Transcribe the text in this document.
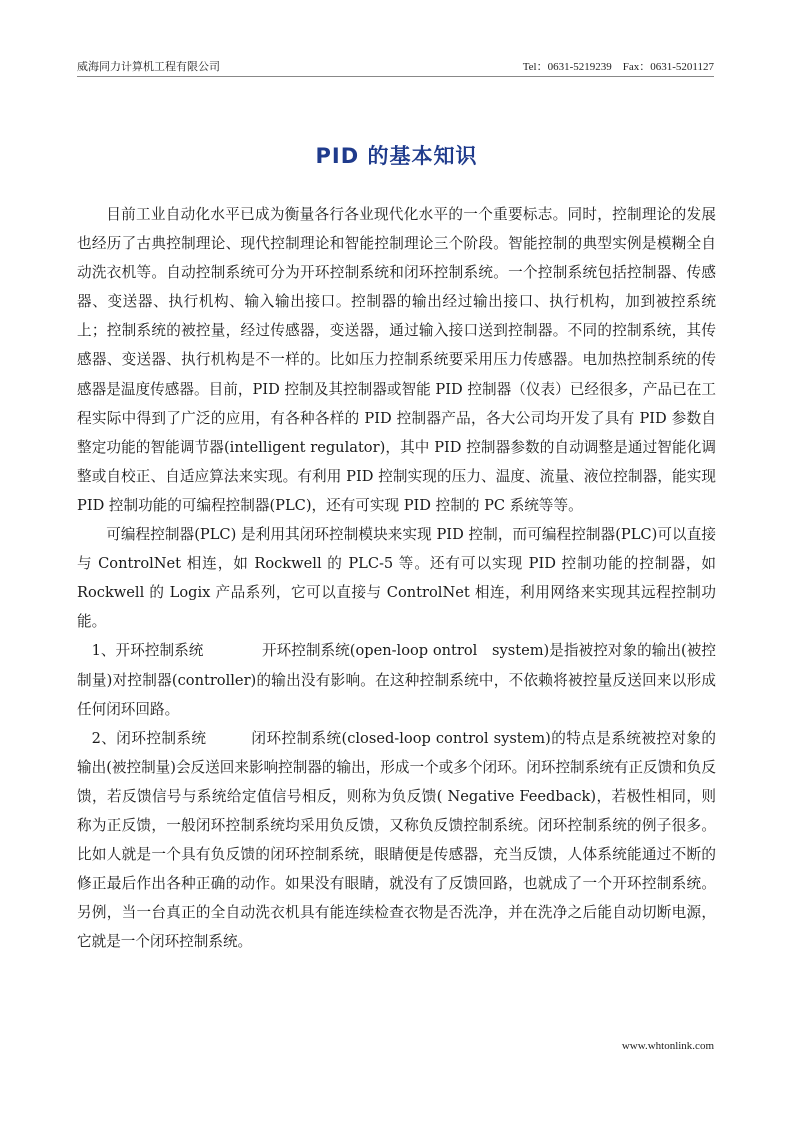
威海同力计算机工程有限公司	Tel：0631-5219239　Fax：0631-5201127
PID 的基本知识

目前工业自动化水平已成为衡量各行各业现代化水平的一个重要标志。同时，控制理论的发展也经历了古典控制理论、现代控制理论和智能控制理论三个阶段。智能控制的典型实例是模糊全自动洗衣机等。自动控制系统可分为开环控制系统和闭环控制系统。一个控制系统包括控制器、传感器、变送器、执行机构、输入输出接口。控制器的输出经过输出接口、执行机构，加到被控系统上；控制系统的被控量，经过传感器，变送器，通过输入接口送到控制器。不同的控制系统，其传感器、变送器、执行机构是不一样的。比如压力控制系统要采用压力传感器。电加热控制系统的传感器是温度传感器。目前，PID 控制及其控制器或智能 PID 控制器（仪表）已经很多，产品已在工程实际中得到了广泛的应用，有各种各样的 PID 控制器产品，各大公司均开发了具有 PID 参数自整定功能的智能调节器(intelligent regulator)，其中 PID 控制器参数的自动调整是通过智能化调整或自校正、自适应算法来实现。有利用 PID 控制实现的压力、温度、流量、液位控制器，能实现 PID 控制功能的可编程控制器(PLC)，还有可实现 PID 控制的 PC 系统等等。

可编程控制器(PLC) 是利用其闭环控制模块来实现 PID 控制，而可编程控制器(PLC)可以直接与 ControlNet 相连，如 Rockwell 的 PLC-5 等。还有可以实现 PID 控制功能的控制器，如 Rockwell 的 Logix 产品系列，它可以直接与 ControlNet 相连，利用网络来实现其远程控制功能。

1、开环控制系统　　　　开环控制系统(open-loop ontrol　system)是指被控对象的输出(被控制量)对控制器(controller)的输出没有影响。在这种控制系统中，不依赖将被控量反送回来以形成任何闭环回路。

2、闭环控制系统　　　闭环控制系统(closed-loop control system)的特点是系统被控对象的输出(被控制量)会反送回来影响控制器的输出，形成一个或多个闭环。闭环控制系统有正反馈和负反馈，若反馈信号与系统给定值信号相反，则称为负反馈( Negative Feedback)，若极性相同，则称为正反馈，一般闭环控制系统均采用负反馈，又称负反馈控制系统。闭环控制系统的例子很多。比如人就是一个具有负反馈的闭环控制系统，眼睛便是传感器，充当反馈，人体系统能通过不断的修正最后作出各种正确的动作。如果没有眼睛，就没有了反馈回路，也就成了一个开环控制系统。另例，当一台真正的全自动洗衣机具有能连续检查衣物是否洗净，并在洗净之后能自动切断电源，它就是一个闭环控制系统。

www.whtonlink.com
